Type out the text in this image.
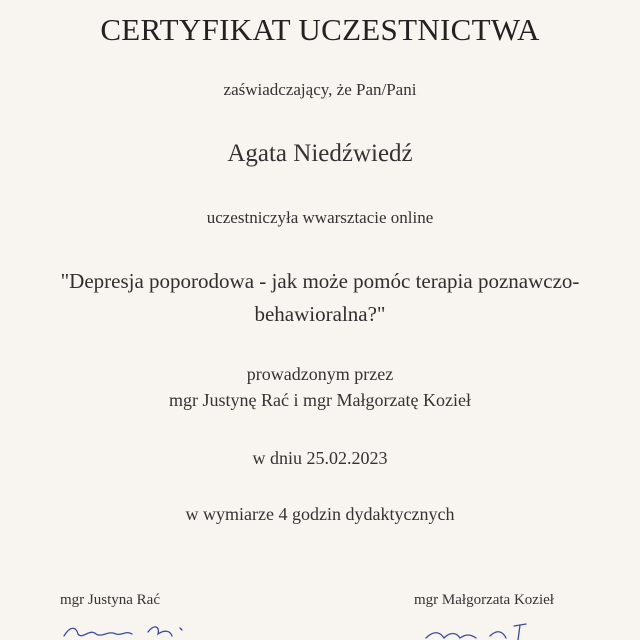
CERTYFIKAT UCZESTNICTWA
zaświadczający, że Pan/Pani
Agata Niedźwiedź
uczestniczyła wwarsztacie online
"Depresja poporodowa - jak może pomóc terapia poznawczo-behawioralna?"
prowadzonym przez
mgr Justynę Rać i mgr Małgorzatę Kozieł
w dniu 25.02.2023
w wymiarze 4 godzin dydaktycznych
mgr Justyna Rać	mgr Małgorzata Kozieł
